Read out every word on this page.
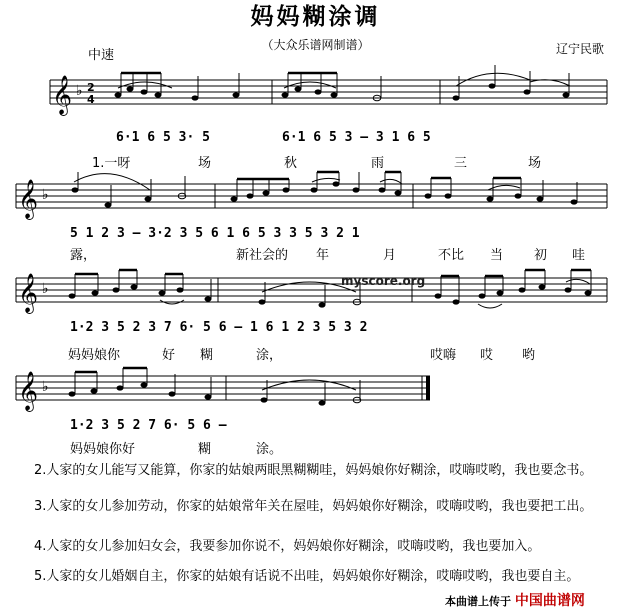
妈妈糊涂调
（大众乐谱网制谱）
中速	辽宁民歌
𝄞 ♭ 2
4
6·1 6 5 3· 5	6·1 6 5 3 – 3 1 6 5
1.一呀	场	秋	雨	三	场
𝄞 ♭
5 1 2 3 – 3·2 3 5 6 1 6 5 3 3 5 3 2 1
露，	新社会的 年	月	不比 当 初 哇
𝄞 ♭	myscore.org
1·2 3 5 2 3 7 6· 5 6 – 1 6 1 2 3 5 3 2
妈妈娘你	好 糊	涂，	哎嗨 哎 哟
𝄞 ♭
1·2 3 5 2 7 6· 5 6 –
妈妈娘你好	糊	涂。
2.人家的女儿能写又能算，你家的姑娘两眼黑糊糊哇，妈妈娘你好糊涂，哎嗨哎哟，我也要念书。
3.人家的女儿参加劳动，你家的姑娘常年关在屋哇，妈妈娘你好糊涂，哎嗨哎哟，我也要把工出。
4.人家的女儿参加妇女会，我要参加你说不，妈妈娘你好糊涂，哎嗨哎哟，我也要加入。
5.人家的女儿婚姻自主，你家的姑娘有话说不出哇，妈妈娘你好糊涂，哎嗨哎哟，我也要自主。
本曲谱上传于 中国曲谱网
